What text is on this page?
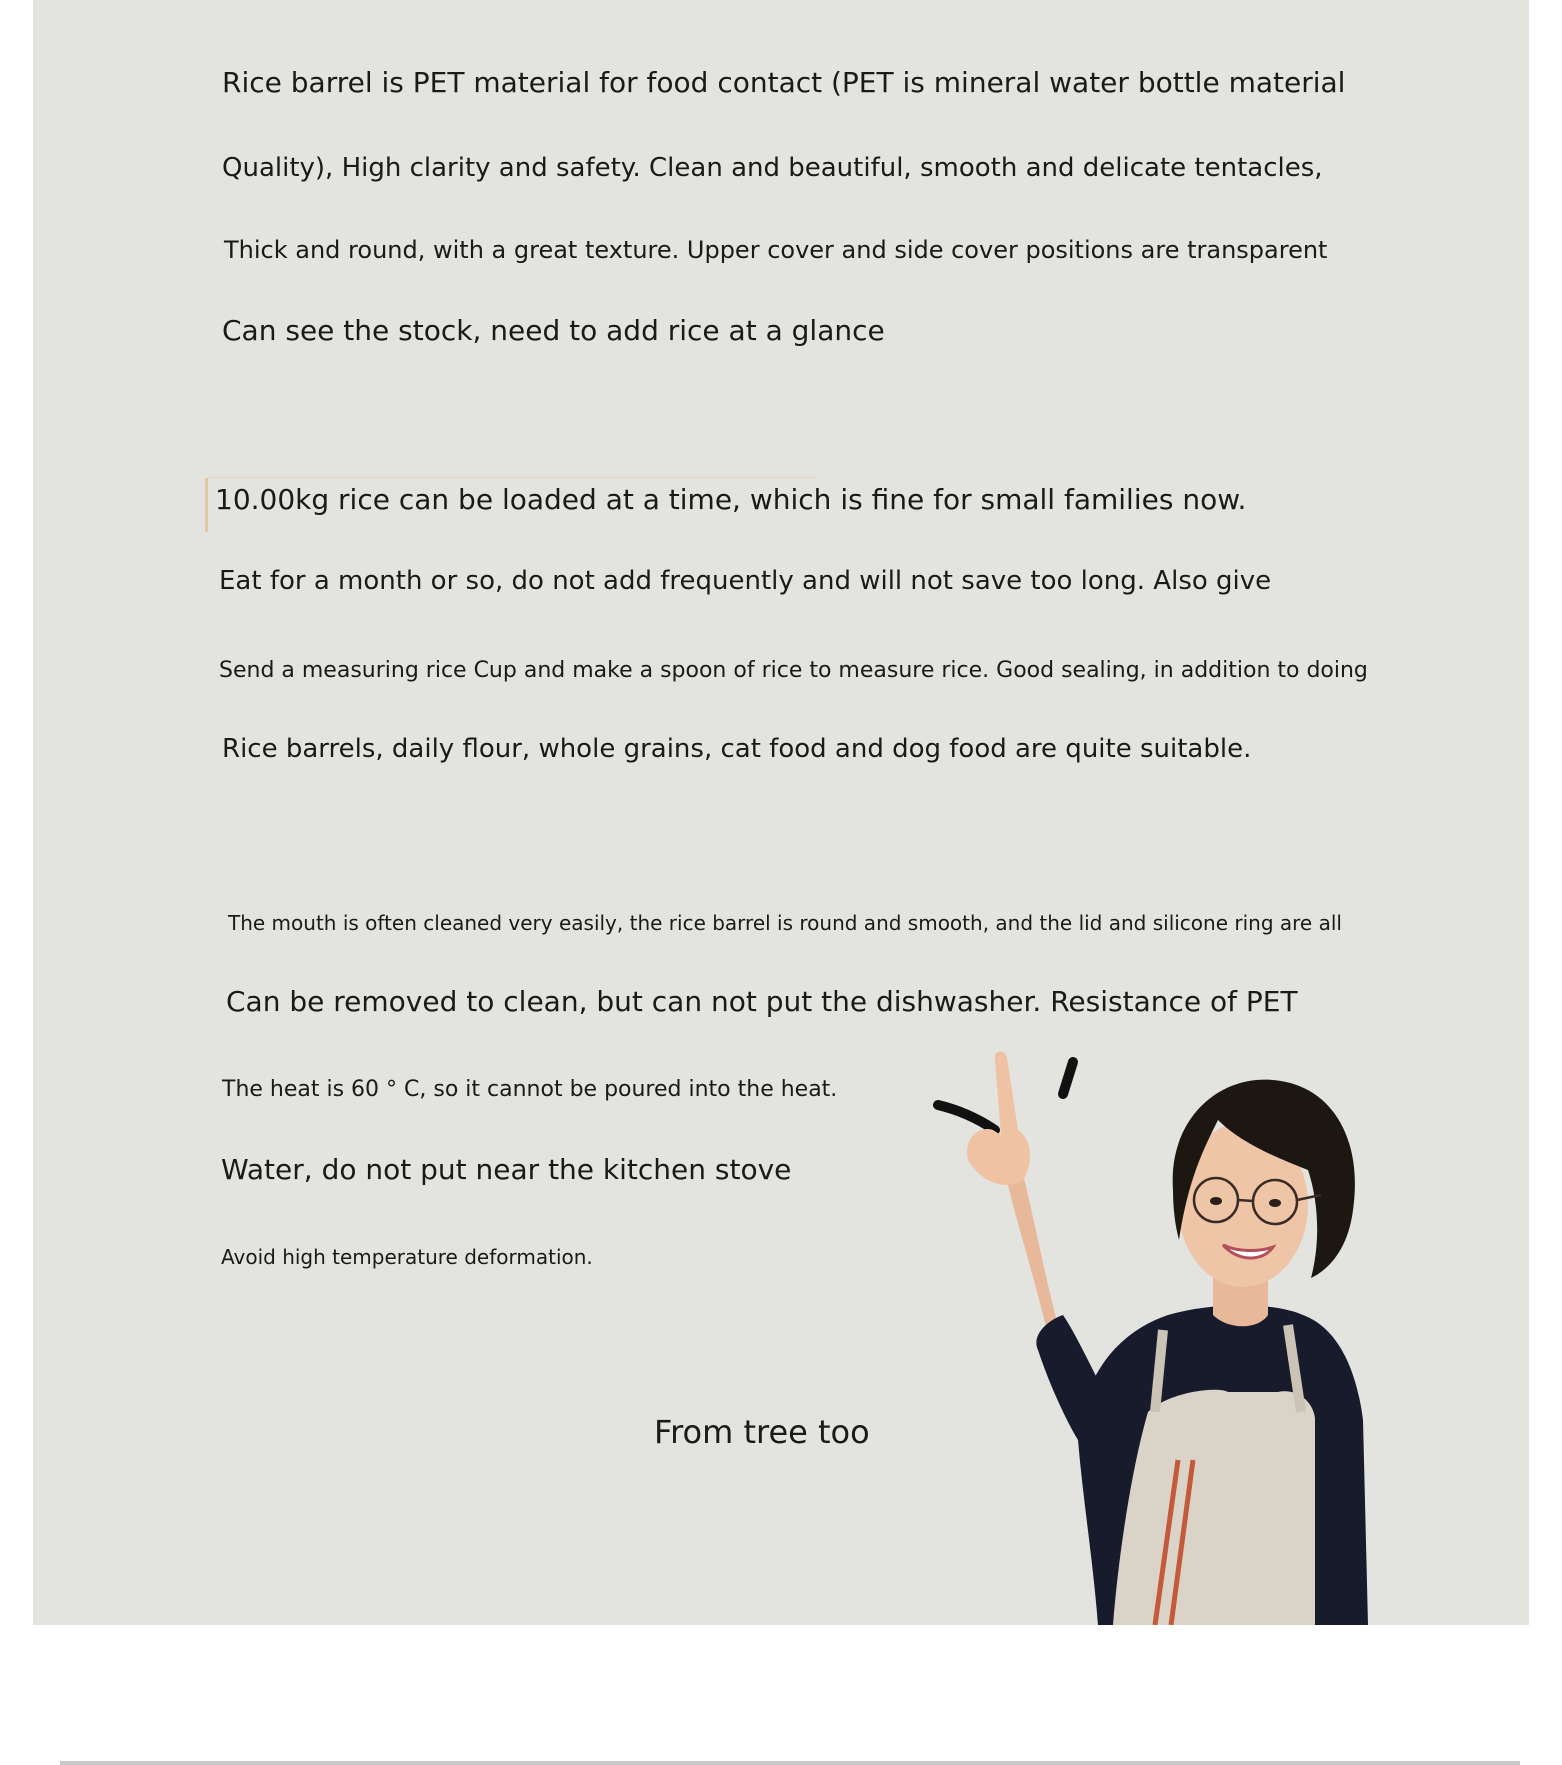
Rice barrel is PET material for food contact (PET is mineral water bottle material
Quality), High clarity and safety. Clean and beautiful, smooth and delicate tentacles,
Thick and round, with a great texture. Upper cover and side cover positions are transparent
Can see the stock, need to add rice at a glance
10.00kg rice can be loaded at a time, which is fine for small families now.
Eat for a month or so, do not add frequently and will not save too long. Also give
Send a measuring rice Cup and make a spoon of rice to measure rice. Good sealing, in addition to doing
Rice barrels, daily flour, whole grains, cat food and dog food are quite suitable.
The mouth is often cleaned very easily, the rice barrel is round and smooth, and the lid and silicone ring are all
Can be removed to clean, but can not put the dishwasher. Resistance of PET
The heat is 60 ° C, so it cannot be poured into the heat.
Water, do not put near the kitchen stove
Avoid high temperature deformation.
From tree too
